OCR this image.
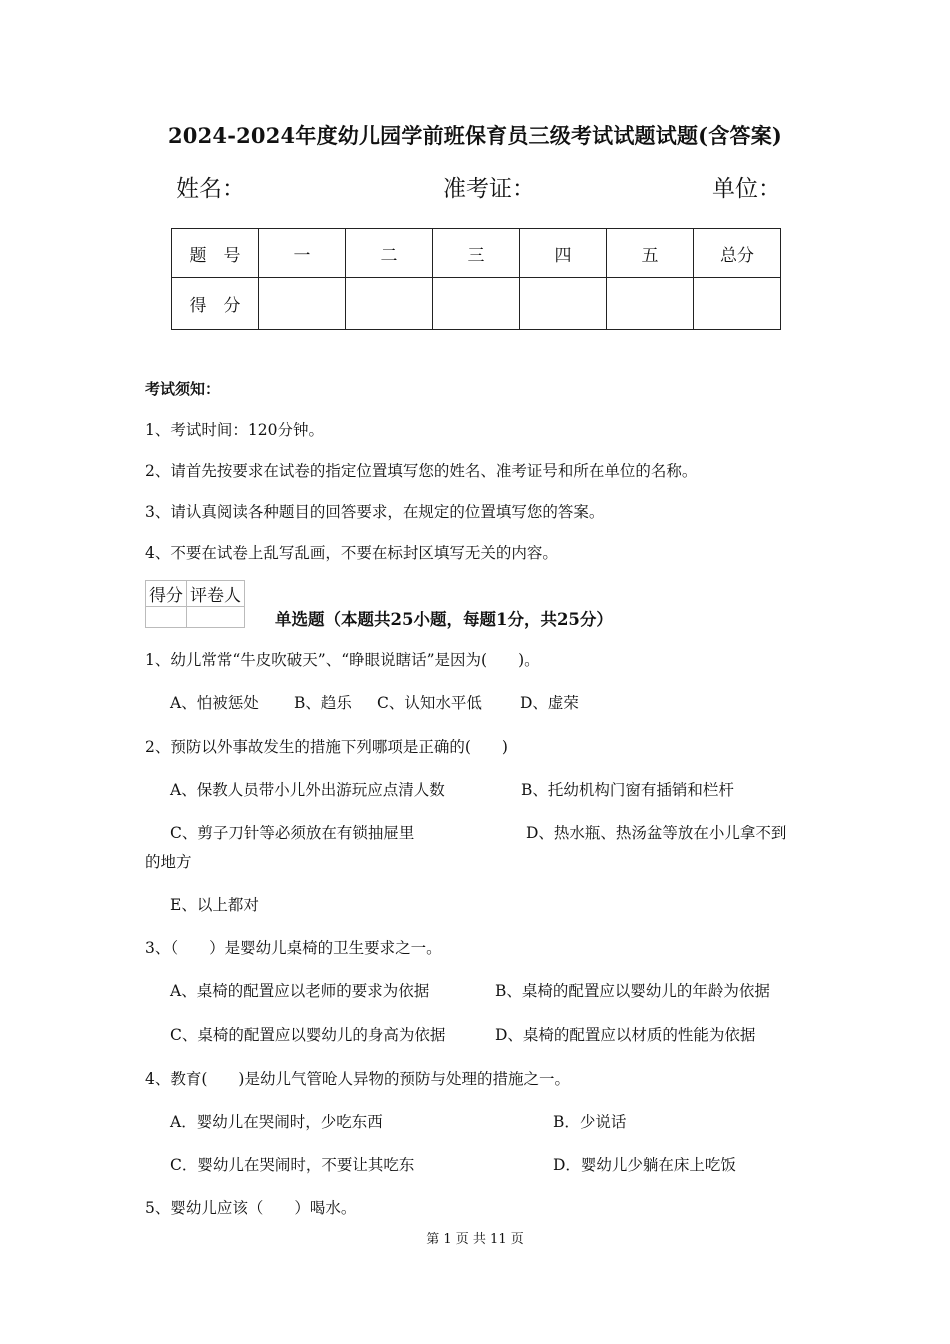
2024-2024年度幼儿园学前班保育员三级考试试题试题(含答案)
姓名：	准考证：	单位：
题　号	一	二	三	四	五	总分
得　分						
考试须知：
1、考试时间：120分钟。
2、请首先按要求在试卷的指定位置填写您的姓名、准考证号和所在单位的名称。
3、请认真阅读各种题目的回答要求，在规定的位置填写您的答案。
4、不要在试卷上乱写乱画，不要在标封区填写无关的内容。
得分	评卷人

单选题（本题共25小题，每题1分，共25分）
1、幼儿常常“牛皮吹破天”、“睁眼说瞎话”是因为(　　)。
A、怕被惩处 B、趋乐 C、认知水平低 D、虚荣
2、预防以外事故发生的措施下列哪项是正确的(　　)
A、保教人员带小儿外出游玩应点清人数	B、托幼机构门窗有插销和栏杆
C、剪子刀针等必须放在有锁抽屉里	D、热水瓶、热汤盆等放在小儿拿不到
的地方
E、以上都对
3、（　　）是婴幼儿桌椅的卫生要求之一。
A、桌椅的配置应以老师的要求为依据	B、桌椅的配置应以婴幼儿的年龄为依据
C、桌椅的配置应以婴幼儿的身高为依据	D、桌椅的配置应以材质的性能为依据
4、教育(　　)是幼儿气管呛人异物的预防与处理的措施之一。
A．婴幼儿在哭闹时，少吃东西	B．少说话
C．婴幼儿在哭闹时，不要让其吃东	D．婴幼儿少躺在床上吃饭
5、婴幼儿应该（　　）喝水。
第 1 页 共 11 页
